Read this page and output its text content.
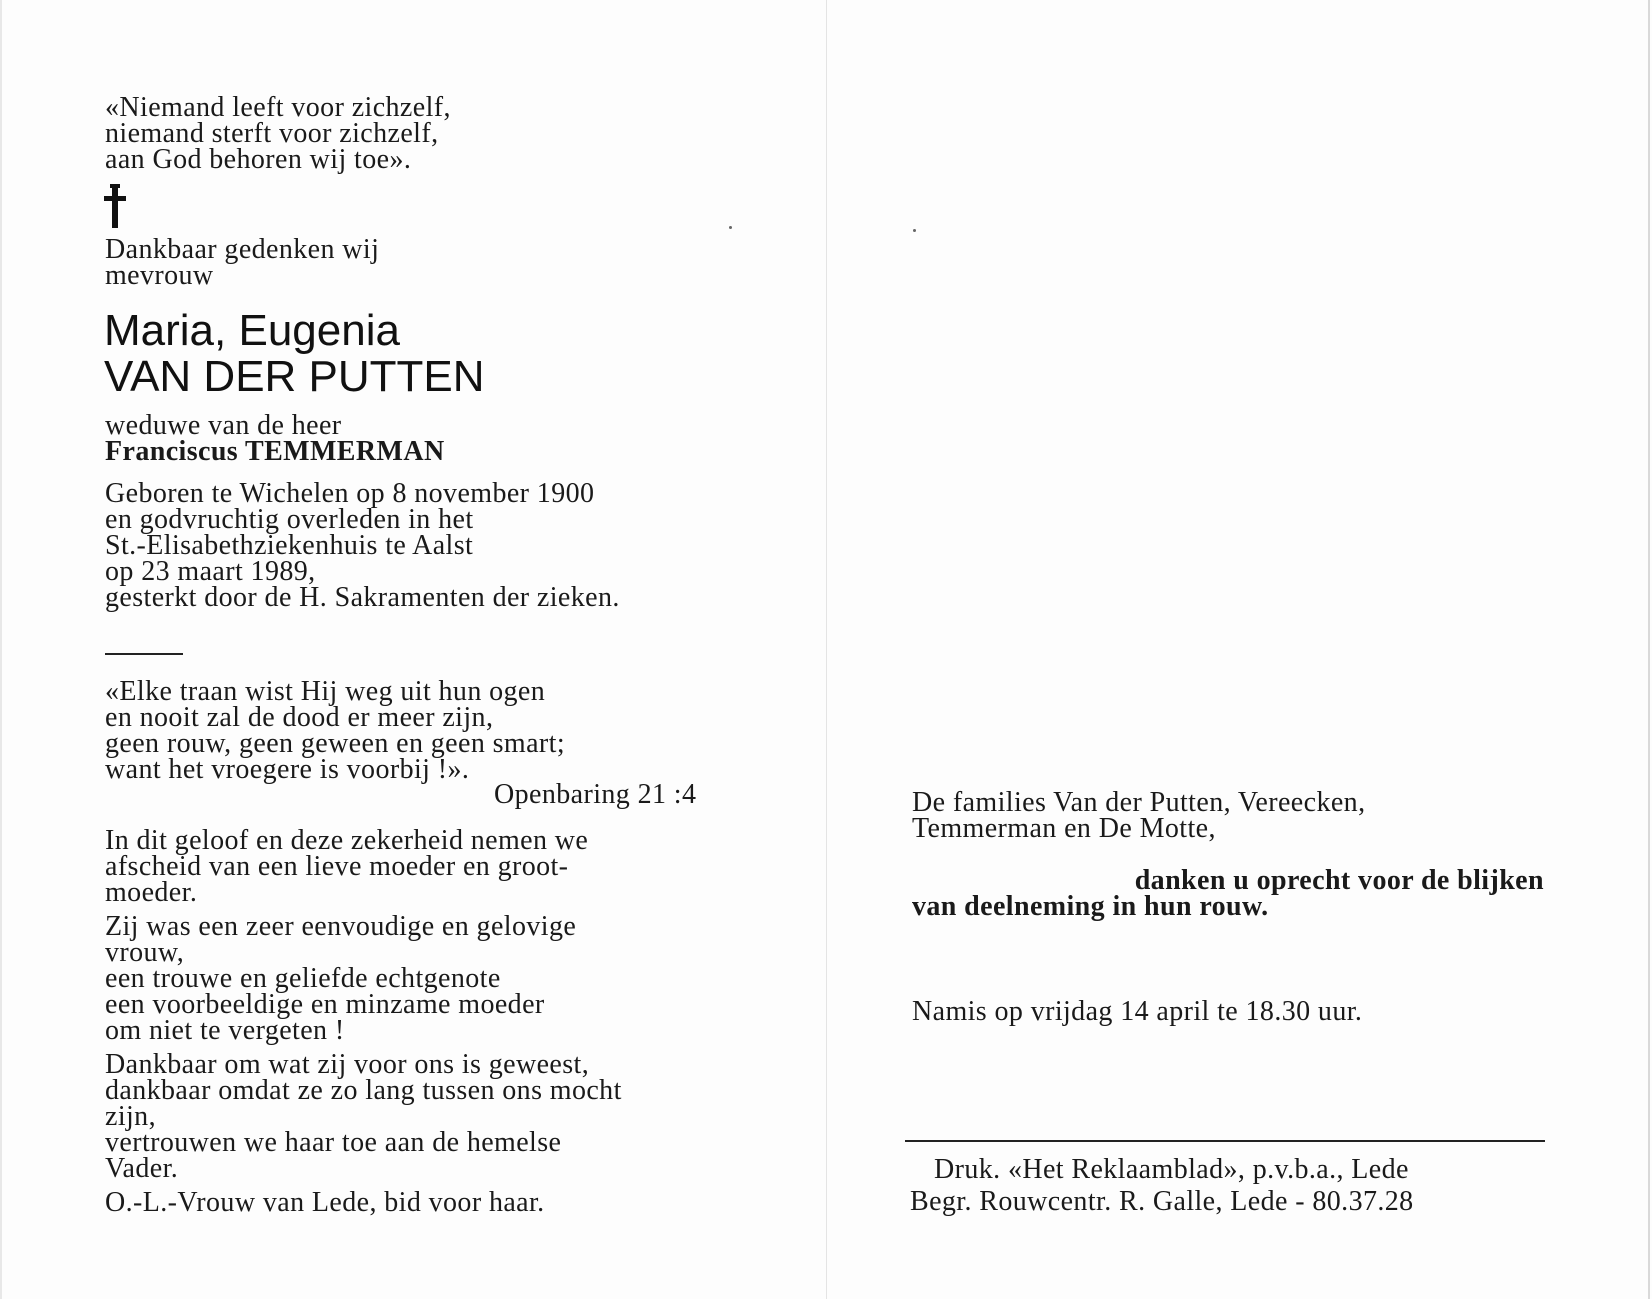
«Niemand leeft voor zichzelf,
niemand sterft voor zichzelf,
aan God behoren wij toe».
Dankbaar gedenken wij
mevrouw
Maria, Eugenia
VAN DER PUTTEN
weduwe van de heer
Franciscus TEMMERMAN
Geboren te Wichelen op 8 november 1900
en godvruchtig overleden in het
St.-Elisabethziekenhuis te Aalst
op 23 maart 1989,
gesterkt door de H. Sakramenten der zieken.
«Elke traan wist Hij weg uit hun ogen
en nooit zal de dood er meer zijn,
geen rouw, geen geween en geen smart;
want het vroegere is voorbij !».
Openbaring 21 :4
In dit geloof en deze zekerheid nemen we
afscheid van een lieve moeder en groot-
moeder.
Zij was een zeer eenvoudige en gelovige
vrouw,
een trouwe en geliefde echtgenote
een voorbeeldige en minzame moeder
om niet te vergeten !
Dankbaar om wat zij voor ons is geweest,
dankbaar omdat ze zo lang tussen ons mocht
zijn,
vertrouwen we haar toe aan de hemelse
Vader.
O.-L.-Vrouw van Lede, bid voor haar.
De families Van der Putten, Vereecken,
Temmerman en De Motte,
danken u oprecht voor de blijken
van deelneming in hun rouw.
Namis op vrijdag 14 april te 18.30 uur.
Druk. «Het Reklaamblad», p.v.b.a., Lede
Begr. Rouwcentr. R. Galle, Lede - 80.37.28
